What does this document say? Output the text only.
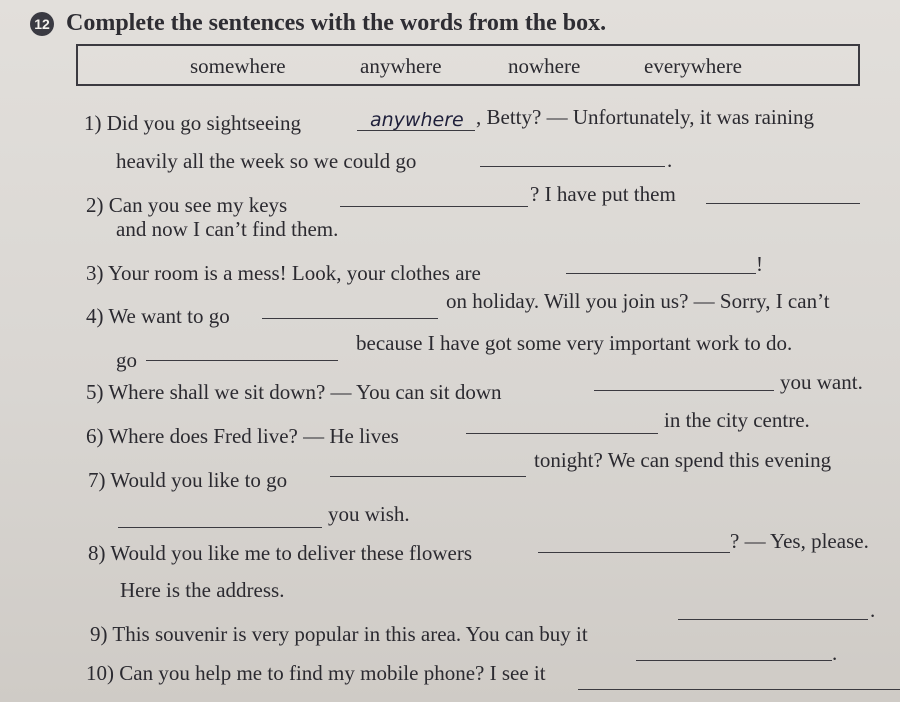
12 Complete the sentences with the words from the box.
somewhere	anywhere	nowhere	everywhere
1) Did you go sightseeing	anywhere , Betty? — Unfortunately, it was raining
heavily all the week so we could go	.
2) Can you see my keys	? I have put them
and now I can’t find them.
3) Your room is a mess! Look, your clothes are	!
4) We want to go
on holiday. Will you join us? — Sorry, I can’t
go
because I have got some very important work to do.
5) Where shall we sit down? — You can sit down	you want.
6) Where does Fred live? — He lives
in the city centre.
7) Would you like to go
tonight? We can spend this evening
you wish.
8) Would you like me to deliver these flowers	? — Yes, please.
Here is the address.
9) This souvenir is very popular in this area. You can buy it
.
10) Can you help me to find my mobile phone? I see it
.
